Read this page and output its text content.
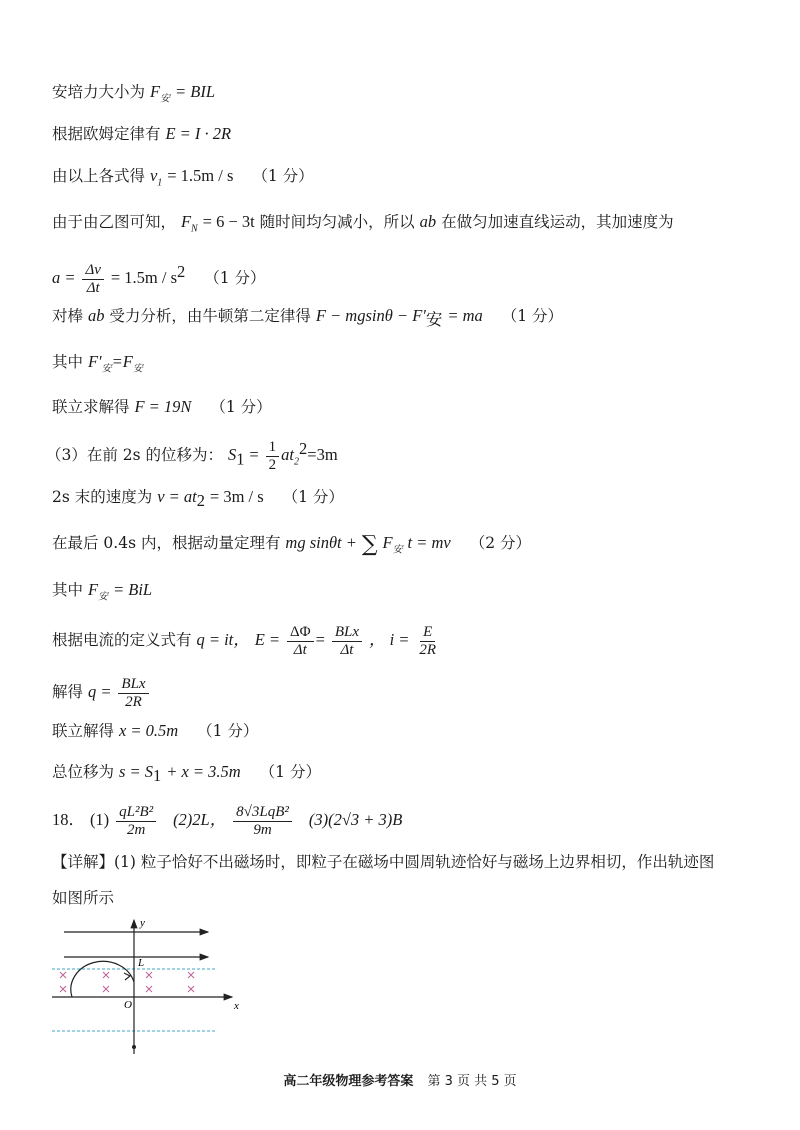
安培力大小为 $F_安$ = BIL
根据欧姆定律有 E = I · 2R
由以上各式得 $v_1 = 1.5m / s$ （1 分）
由于由乙图可知， $F_N = 6 - 3t$ 随时间均匀减小，所以 ab 在做匀加速直线运动，其加速度为
$a = \frac{\Delta v}{\Delta t} = 1.5m / s^2$ （1 分）
对棒 ab 受力分析，由牛顿第二定律得 $F - mgsin\theta - F'_安$ = ma （1 分）
其中 $F'_安=F_安$
联立求解得 F = 19N （1 分）
（3）在前 2s 的位移为： $S_1 = \frac{1}{2} at_2^2=3m$
2s 末的速度为 $v = at_2 = 3m / s$ （1 分）
在最后 0.4s 内，根据动量定理有 mg sinθt + ∑ $F_安$ t = mv （2 分）
其中 $F_安$ = BiL
根据电流的定义式有 q = it， $E = \frac{\Delta\Phi}{\Delta t} = \frac{\text{BLx}}{\Delta t}$ ， $i = \frac{E}{2R}$
解得 $q = \frac{\text{BLx}}{2R}$
联立解得 x = 0.5m （1 分）
总位移为 $s = S_1 + x = 3.5m$ （1 分）
18． $(1) \frac{\text{qL²B²}}{2m} (2)2L$， $\frac{\text{8√3LqB²}}{9m} (3)(2√3 + 3)B$
【详解】(1) 粒子恰好不出磁场时，即粒子在磁场中圆周轨迹恰好与磁场上边界相切，作出轨迹图
如图所示
y
x
L
O
高二年级物理参考答案 第 3 页 共 5 页
